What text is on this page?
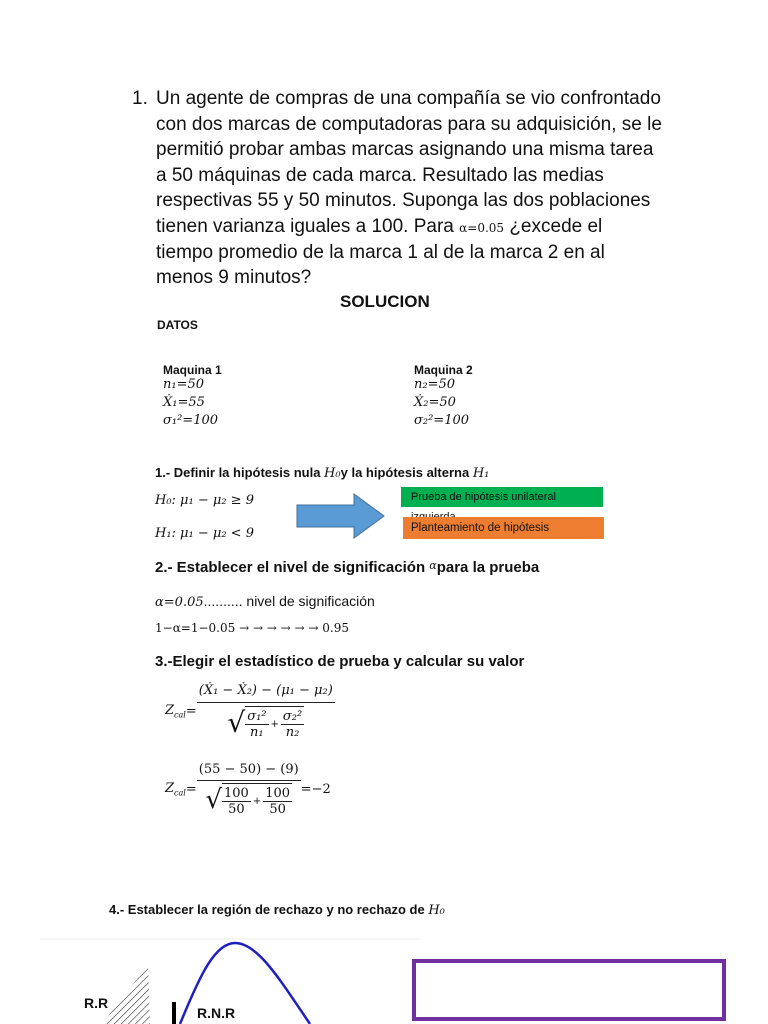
1. Un agente de compras de una compañía se vio confrontado
con dos marcas de computadoras para su adquisición, se le
permitió probar ambas marcas asignando una misma tarea
a 50 máquinas de cada marca. Resultado las medias
respectivas 55 y 50 minutos. Suponga las dos poblaciones
tienen varianza iguales a 100. Para α=0.05 ¿excede el
tiempo promedio de la marca 1 al de la marca 2 en al
menos 9 minutos?
SOLUCION
DATOS
Maquina 1
n₁=50
Ẋ₁=55
σ₁²=100
Maquina 2
n₂=50
Ẋ₂=50
σ₂²=100
1.- Definir la hipótesis nula H₀y la hipótesis alterna H₁
H₀: μ₁ − μ₂ ≥ 9
H₁: μ₁ − μ₂ < 9
Prueba de hipótesis unilateral
Planteamiento de hipótesis
2.- Establecer el nivel de significación $^\alpha$para la prueba
α=0.05.......... nivel de significación
1−α=1−0.05 → → → → → → 0.95
3.-Elegir el estadístico de prueba y calcular su valor
$Z_{cal} = \frac{\text{(Ẋ₁ − Ẋ₂) − (μ₁ − μ₂)}}{√ \frac{\text{σ₁²}}{\text{n₁}} + \frac{\text{σ₂²}}{\text{n₂}}}$
$Z_{cal} = \frac{(55 - 50) - (9)}{√ \frac{100}{50} + \frac{100}{50}} =-2$
4.- Establecer la región de rechazo y no rechazo de H₀
R.R
R.N.R
